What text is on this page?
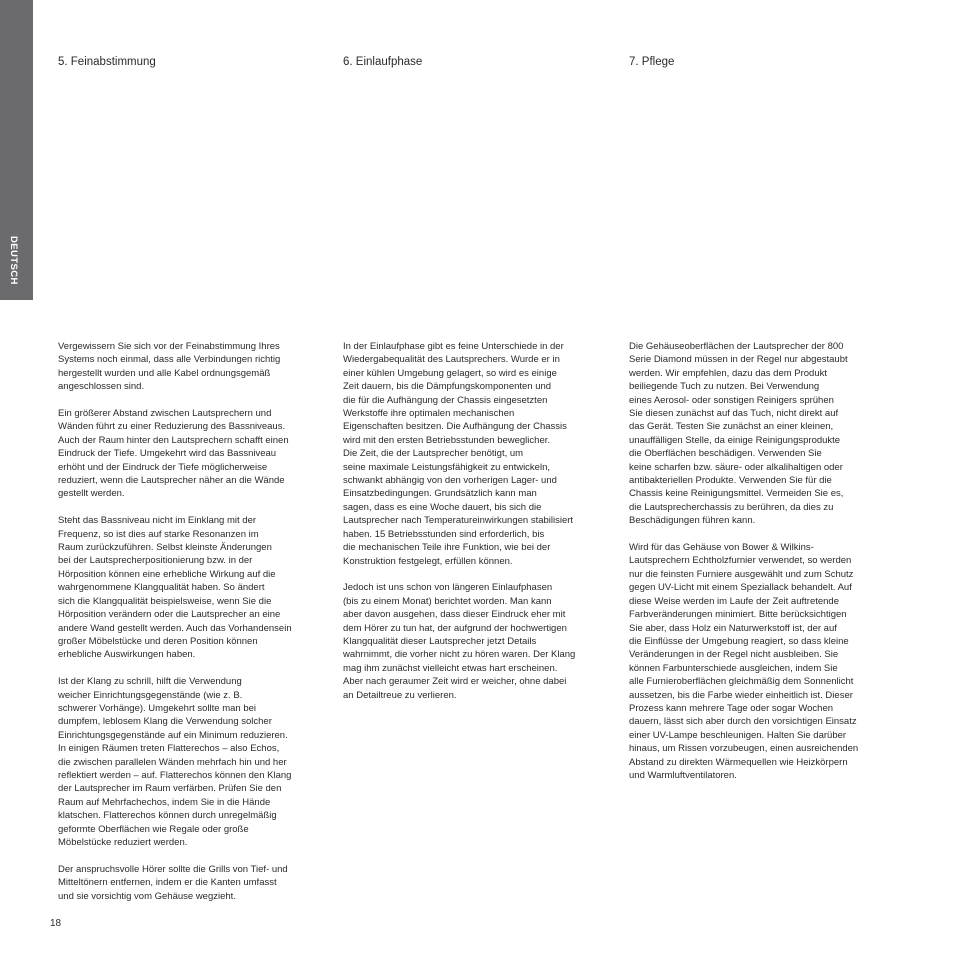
DEUTSCH
5. Feinabstimmung

Vergewissern Sie sich vor der Feinabstimmung Ihres
Systems noch einmal, dass alle Verbindungen richtig
hergestellt wurden und alle Kabel ordnungsgemäß
angeschlossen sind.

Ein größerer Abstand zwischen Lautsprechern und
Wänden führt zu einer Reduzierung des Bassniveaus.
Auch der Raum hinter den Lautsprechern schafft einen
Eindruck der Tiefe. Umgekehrt wird das Bassniveau
erhöht und der Eindruck der Tiefe möglicherweise
reduziert, wenn die Lautsprecher näher an die Wände
gestellt werden.

Steht das Bassniveau nicht im Einklang mit der
Frequenz, so ist dies auf starke Resonanzen im
Raum zurückzuführen. Selbst kleinste Änderungen
bei der Lautsprecherpositionierung bzw. in der
Hörposition können eine erhebliche Wirkung auf die
wahrgenommene Klangqualität haben. So ändert
sich die Klangqualität beispielsweise, wenn Sie die
Hörposition verändern oder die Lautsprecher an eine
andere Wand gestellt werden. Auch das Vorhandensein
großer Möbelstücke und deren Position können
erhebliche Auswirkungen haben.

Ist der Klang zu schrill, hilft die Verwendung
weicher Einrichtungsgegenstände (wie z. B.
schwerer Vorhänge). Umgekehrt sollte man bei
dumpfem, leblosem Klang die Verwendung solcher
Einrichtungsgegenstände auf ein Minimum reduzieren.
In einigen Räumen treten Flatterechos – also Echos,
die zwischen parallelen Wänden mehrfach hin und her
reflektiert werden – auf. Flatterechos können den Klang
der Lautsprecher im Raum verfärben. Prüfen Sie den
Raum auf Mehrfachechos, indem Sie in die Hände
klatschen. Flatterechos können durch unregelmäßig
geformte Oberflächen wie Regale oder große
Möbelstücke reduziert werden.

Der anspruchsvolle Hörer sollte die Grills von Tief- und
Mitteltönern entfernen, indem er die Kanten umfasst
und sie vorsichtig vom Gehäuse wegzieht.

6. Einlaufphase

In der Einlaufphase gibt es feine Unterschiede in der
Wiedergabequalität des Lautsprechers. Wurde er in
einer kühlen Umgebung gelagert, so wird es einige
Zeit dauern, bis die Dämpfungskomponenten und
die für die Aufhängung der Chassis eingesetzten
Werkstoffe ihre optimalen mechanischen
Eigenschaften besitzen. Die Aufhängung der Chassis
wird mit den ersten Betriebsstunden beweglicher.
Die Zeit, die der Lautsprecher benötigt, um
seine maximale Leistungsfähigkeit zu entwickeln,
schwankt abhängig von den vorherigen Lager- und
Einsatzbedingungen. Grundsätzlich kann man
sagen, dass es eine Woche dauert, bis sich die
Lautsprecher nach Temperatureinwirkungen stabilisiert
haben. 15 Betriebsstunden sind erforderlich, bis
die mechanischen Teile ihre Funktion, wie bei der
Konstruktion festgelegt, erfüllen können.

Jedoch ist uns schon von längeren Einlaufphasen
(bis zu einem Monat) berichtet worden. Man kann
aber davon ausgehen, dass dieser Eindruck eher mit
dem Hörer zu tun hat, der aufgrund der hochwertigen
Klangqualität dieser Lautsprecher jetzt Details
wahrnimmt, die vorher nicht zu hören waren. Der Klang
mag ihm zunächst vielleicht etwas hart erscheinen.
Aber nach geraumer Zeit wird er weicher, ohne dabei
an Detailtreue zu verlieren.

7. Pflege

Die Gehäuseoberflächen der Lautsprecher der 800
Serie Diamond müssen in der Regel nur abgestaubt
werden. Wir empfehlen, dazu das dem Produkt
beiliegende Tuch zu nutzen. Bei Verwendung
eines Aerosol- oder sonstigen Reinigers sprühen
Sie diesen zunächst auf das Tuch, nicht direkt auf
das Gerät. Testen Sie zunächst an einer kleinen,
unauffälligen Stelle, da einige Reinigungsprodukte
die Oberflächen beschädigen. Verwenden Sie
keine scharfen bzw. säure- oder alkalihaltigen oder
antibakteriellen Produkte. Verwenden Sie für die
Chassis keine Reinigungsmittel. Vermeiden Sie es,
die Lautsprecherchassis zu berühren, da dies zu
Beschädigungen führen kann.

Wird für das Gehäuse von Bower & Wilkins-
Lautsprechern Echtholzfurnier verwendet, so werden
nur die feinsten Furniere ausgewählt und zum Schutz
gegen UV-Licht mit einem Speziallack behandelt. Auf
diese Weise werden im Laufe der Zeit auftretende
Farbveränderungen minimiert. Bitte berücksichtigen
Sie aber, dass Holz ein Naturwerkstoff ist, der auf
die Einflüsse der Umgebung reagiert, so dass kleine
Veränderungen in der Regel nicht ausbleiben. Sie
können Farbunterschiede ausgleichen, indem Sie
alle Furnieroberflächen gleichmäßig dem Sonnenlicht
aussetzen, bis die Farbe wieder einheitlich ist. Dieser
Prozess kann mehrere Tage oder sogar Wochen
dauern, lässt sich aber durch den vorsichtigen Einsatz
einer UV-Lampe beschleunigen. Halten Sie darüber
hinaus, um Rissen vorzubeugen, einen ausreichenden
Abstand zu direkten Wärmequellen wie Heizkörpern
und Warmluftventilatoren.

18
